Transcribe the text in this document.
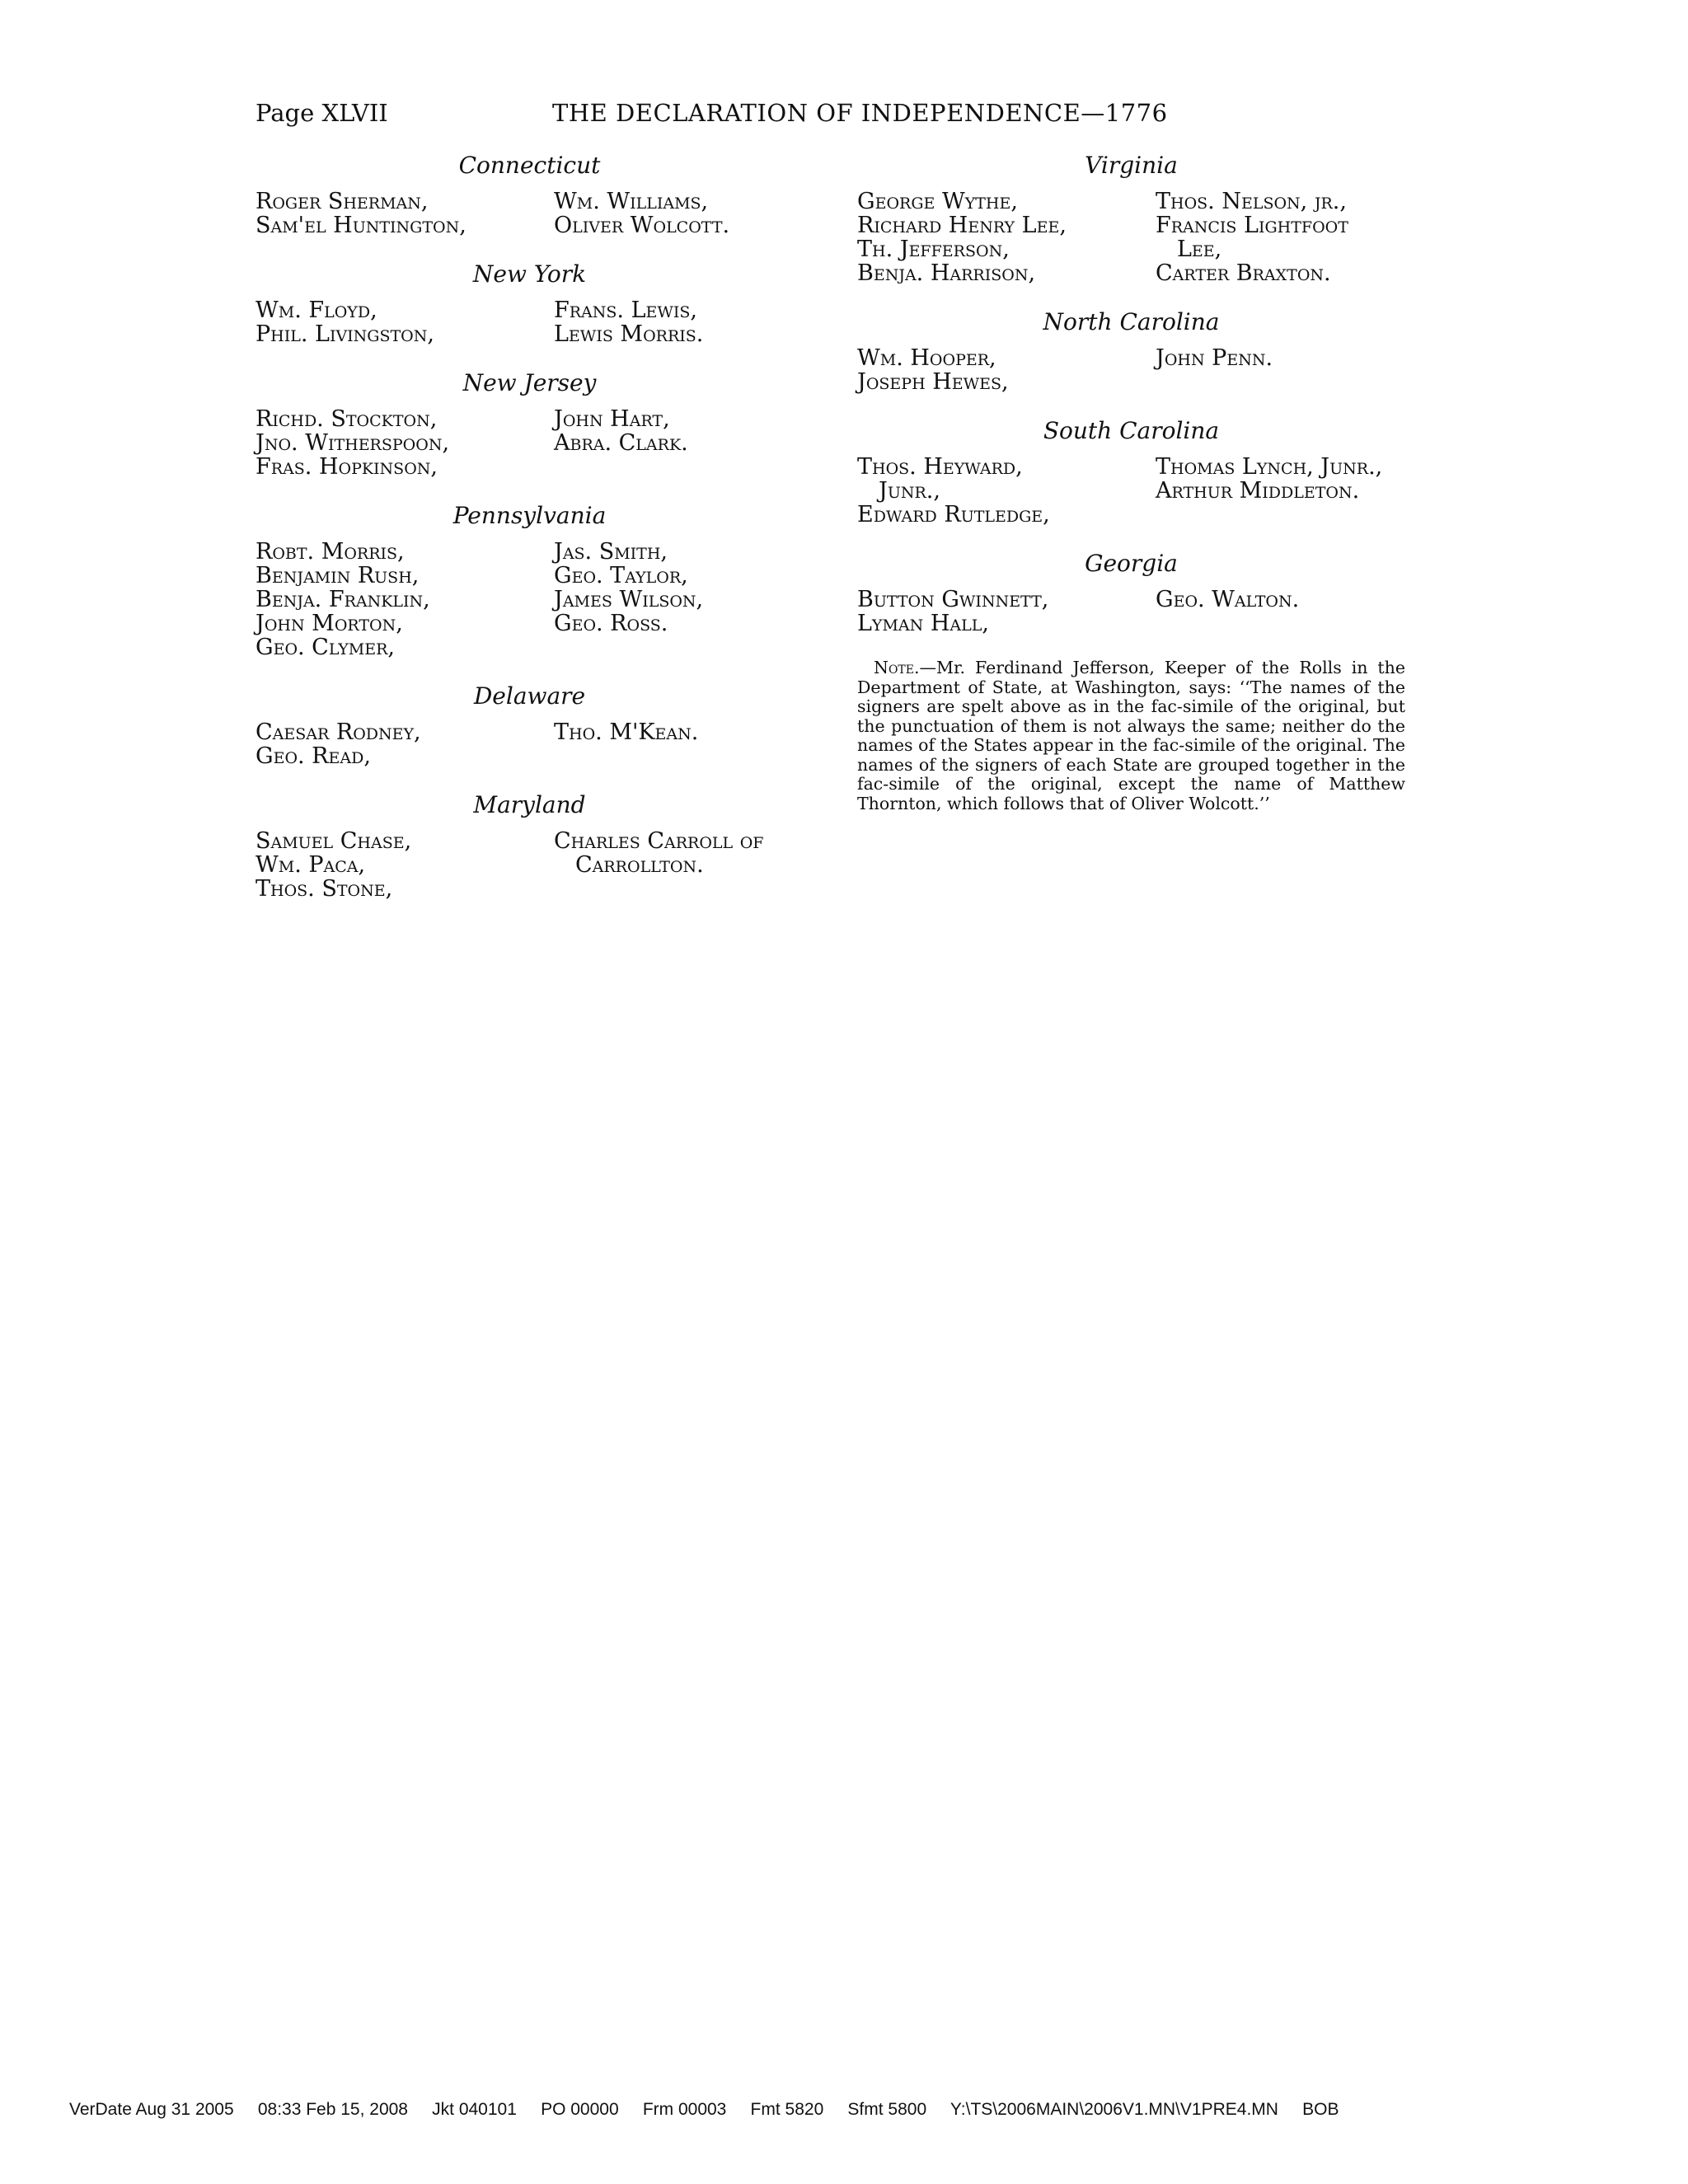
Page XLVII	THE DECLARATION OF INDEPENDENCE—1776
Connecticut
Roger Sherman,
Sam'el Huntington,
Wm. Williams,
Oliver Wolcott.
New York
Wm. Floyd,
Phil. Livingston,
Frans. Lewis,
Lewis Morris.
New Jersey
Richd. Stockton,
Jno. Witherspoon,
Fras. Hopkinson,
John Hart,
Abra. Clark.
Pennsylvania
Robt. Morris,
Benjamin Rush,
Benja. Franklin,
John Morton,
Geo. Clymer,
Jas. Smith,
Geo. Taylor,
James Wilson,
Geo. Ross.
Delaware
Caesar Rodney,
Geo. Read,
Tho. M'Kean.
Maryland
Samuel Chase,
Wm. Paca,
Thos. Stone,
Charles Carroll of
Carrollton.
Virginia
George Wythe,
Richard Henry Lee,
Th. Jefferson,
Benja. Harrison,
Thos. Nelson, jr.,
Francis Lightfoot
Lee,
Carter Braxton.
North Carolina
Wm. Hooper,
Joseph Hewes,
John Penn.
South Carolina
Thos. Heyward,
Junr.,
Edward Rutledge,
Thomas Lynch, Junr.,
Arthur Middleton.
Georgia
Button Gwinnett,
Lyman Hall,
Geo. Walton.
Note.—Mr. Ferdinand Jefferson, Keeper of the Rolls in the Department of State, at Washington, says: ‘‘The names of the signers are spelt above as in the fac-simile of the original, but the punctuation of them is not always the same; neither do the names of the States appear in the fac-simile of the original. The names of the signers of each State are grouped together in the fac-simile of the original, except the name of Matthew Thornton, which follows that of Oliver Wolcott.’’
VerDate Aug 31 2005     08:33 Feb 15, 2008     Jkt 040101     PO 00000     Frm 00003     Fmt 5820     Sfmt 5800     Y:\TS\2006MAIN\2006V1.MN\V1PRE4.MN     BOB
